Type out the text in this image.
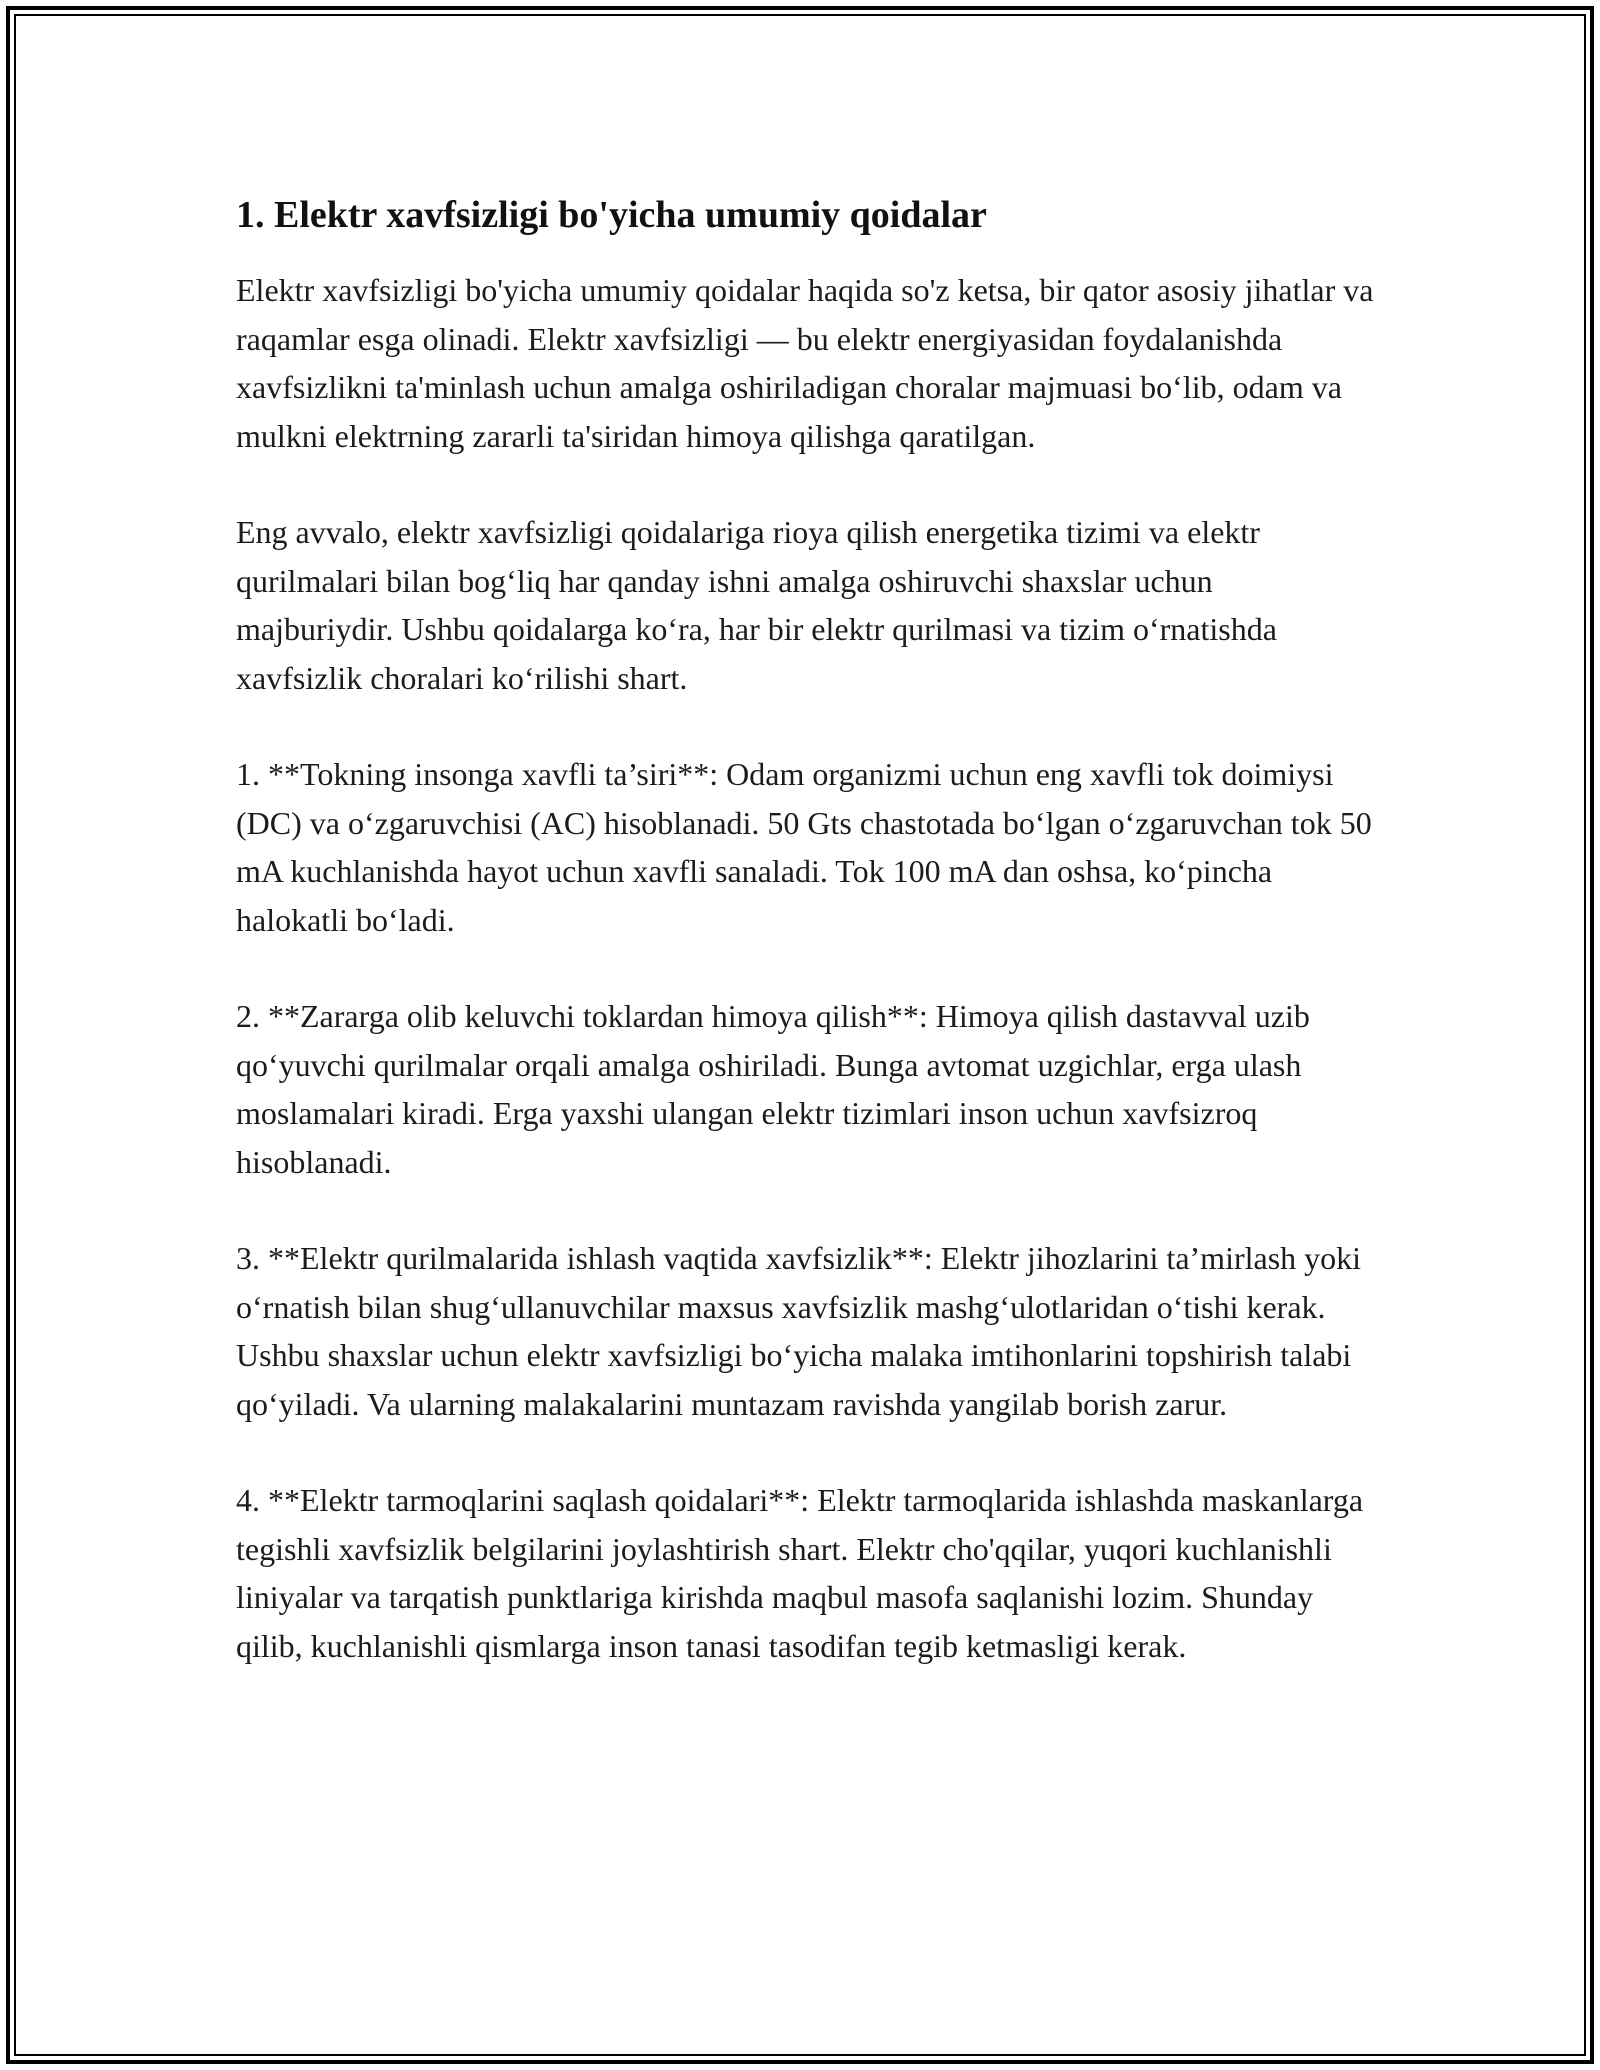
1. Elektr xavfsizligi bo'yicha umumiy qoidalar

Elektr xavfsizligi bo'yicha umumiy qoidalar haqida so'z ketsa, bir qator asosiy jihatlar va raqamlar esga olinadi. Elektr xavfsizligi — bu elektr energiyasidan foydalanishda xavfsizlikni ta'minlash uchun amalga oshiriladigan choralar majmuasi bo‘lib, odam va mulkni elektrning zararli ta'siridan himoya qilishga qaratilgan.

Eng avvalo, elektr xavfsizligi qoidalariga rioya qilish energetika tizimi va elektr qurilmalari bilan bog‘liq har qanday ishni amalga oshiruvchi shaxslar uchun majburiydir. Ushbu qoidalarga ko‘ra, har bir elektr qurilmasi va tizim o‘rnatishda xavfsizlik choralari ko‘rilishi shart.

1. **Tokning insonga xavfli ta’siri**: Odam organizmi uchun eng xavfli tok doimiysi (DC) va o‘zgaruvchisi (AC) hisoblanadi. 50 Gts chastotada bo‘lgan o‘zgaruvchan tok 50 mA kuchlanishda hayot uchun xavfli sanaladi. Tok 100 mA dan oshsa, ko‘pincha halokatli bo‘ladi.

2. **Zararga olib keluvchi toklardan himoya qilish**: Himoya qilish dastavval uzib qo‘yuvchi qurilmalar orqali amalga oshiriladi. Bunga avtomat uzgichlar, erga ulash moslamalari kiradi. Erga yaxshi ulangan elektr tizimlari inson uchun xavfsizroq hisoblanadi.

3. **Elektr qurilmalarida ishlash vaqtida xavfsizlik**: Elektr jihozlarini ta’mirlash yoki o‘rnatish bilan shug‘ullanuvchilar maxsus xavfsizlik mashg‘ulotlaridan o‘tishi kerak. Ushbu shaxslar uchun elektr xavfsizligi bo‘yicha malaka imtihonlarini topshirish talabi qo‘yiladi. Va ularning malakalarini muntazam ravishda yangilab borish zarur.

4. **Elektr tarmoqlarini saqlash qoidalari**: Elektr tarmoqlarida ishlashda maskanlarga tegishli xavfsizlik belgilarini joylashtirish shart. Elektr cho'qqilar, yuqori kuchlanishli liniyalar va tarqatish punktlariga kirishda maqbul masofa saqlanishi lozim. Shunday qilib, kuchlanishli qismlarga inson tanasi tasodifan tegib ketmasligi kerak.
